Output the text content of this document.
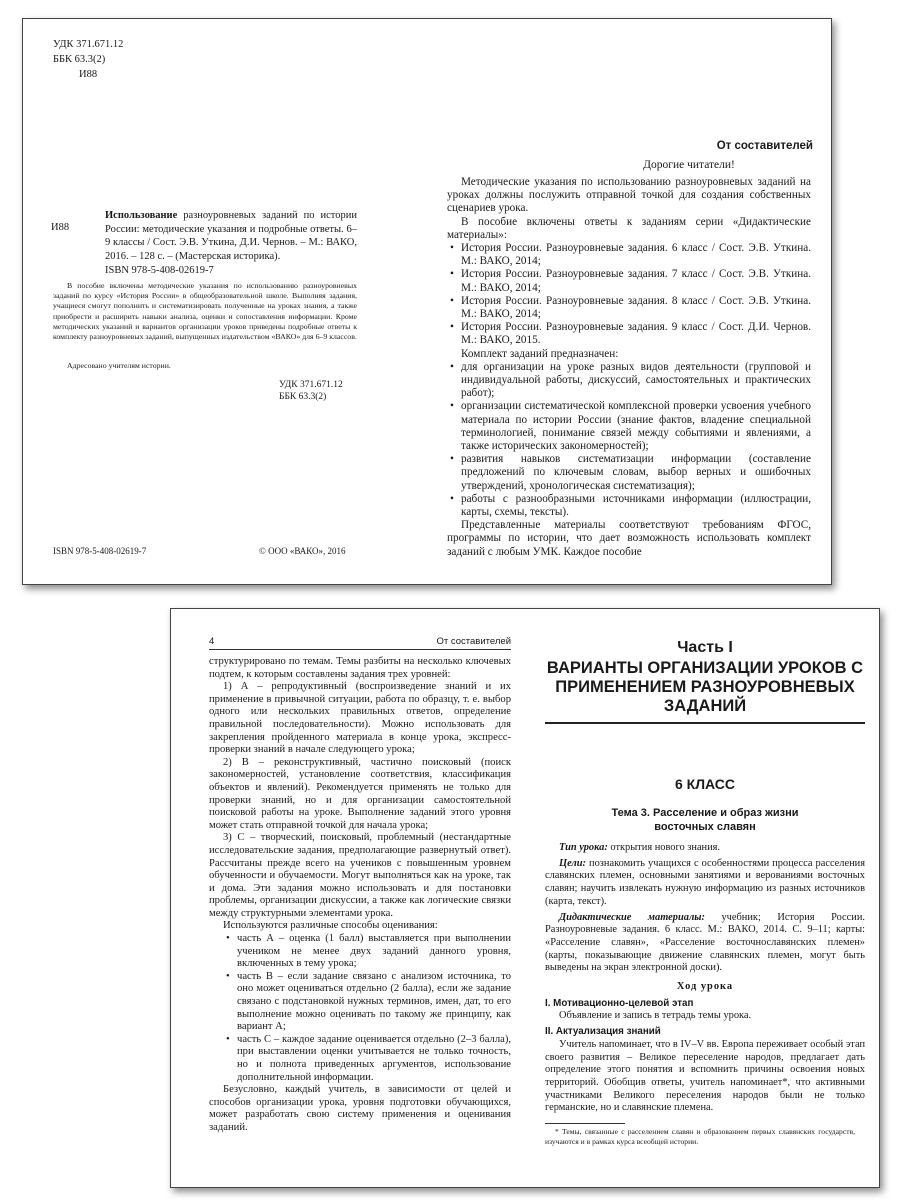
УДК 371.671.12
ББК 63.3(2)
И88
И88

Использование разноуровневых заданий по истории России: методические указания и подробные ответы. 6–9 классы / Сост. Э.В. Уткина, Д.И. Чернов. – М.: ВАКО, 2016. – 128 с. – (Мастерская историка).

ISBN 978-5-408-02619-7

В пособие включены методические указания по использованию разноуровневых заданий по курсу «История России» в общеобразовательной школе. Выполняя задания, учащиеся смогут пополнить и систематизировать полученные на уроках знания, а также приобрести и расширить навыки анализа, оценки и сопоставления информации. Кроме методических указаний и вариантов организации уроков приведены подробные ответы к комплекту разноуровневых заданий, выпущенных издательством «ВАКО» для 6–9 классов.

Адресовано учителям истории.

УДК 371.671.12
ББК 63.3(2)
ISBN 978-5-408-02619-7	© ООО «ВАКО», 2016
От составителей
Дорогие читатели!

Методические указания по использованию разноуровневых заданий на уроках должны послужить отправной точкой для создания собственных сценариев урока.

В пособие включены ответы к заданиям серии «Дидактические материалы»:

• История России. Разноуровневые задания. 6 класс / Сост. Э.В. Уткина. М.: ВАКО, 2014;
• История России. Разноуровневые задания. 7 класс / Сост. Э.В. Уткина. М.: ВАКО, 2014;
• История России. Разноуровневые задания. 8 класс / Сост. Э.В. Уткина. М.: ВАКО, 2014;
• История России. Разноуровневые задания. 9 класс / Сост. Д.И. Чернов. М.: ВАКО, 2015.

Комплект заданий предназначен:

• для организации на уроке разных видов деятельности (групповой и индивидуальной работы, дискуссий, самостоятельных и практических работ);
• организации систематической комплексной проверки усвоения учебного материала по истории России (знание фактов, владение специальной терминологией, понимание связей между событиями и явлениями, а также исторических закономерностей);
• развития навыков систематизации информации (составление предложений по ключевым словам, выбор верных и ошибочных утверждений, хронологическая систематизация);
• работы с разнообразными источниками информации (иллюстрации, карты, схемы, тексты).

Представленные материалы соответствуют требованиям ФГОС, программы по истории, что дает возможность использовать комплект заданий с любым УМК. Каждое пособие

4	От составителей

структурировано по темам. Темы разбиты на несколько ключевых подтем, к которым составлены задания трех уровней:

1) А – репродуктивный (воспроизведение знаний и их применение в привычной ситуации, работа по образцу, т. е. выбор одного или нескольких правильных ответов, определение правильной последовательности). Можно использовать для закрепления пройденного материала в конце урока, экспресс-проверки знаний в начале следующего урока;

2) В – реконструктивный, частично поисковый (поиск закономерностей, установление соответствия, классификация объектов и явлений). Рекомендуется применять не только для проверки знаний, но и для организации самостоятельной поисковой работы на уроке. Выполнение заданий этого уровня может стать отправной точкой для начала урока;

3) С – творческий, поисковый, проблемный (нестандартные исследовательские задания, предполагающие развернутый ответ). Рассчитаны прежде всего на учеников с повышенным уровнем обученности и обучаемости. Могут выполняться как на уроке, так и дома. Эти задания можно использовать и для постановки проблемы, организации дискуссии, а также как логические связки между структурными элементами урока.

Используются различные способы оценивания:

• часть А – оценка (1 балл) выставляется при выполнении учеником не менее двух заданий данного уровня, включенных в тему урока;
• часть В – если задание связано с анализом источника, то оно может оцениваться отдельно (2 балла), если же задание связано с подстановкой нужных терминов, имен, дат, то его выполнение можно оценивать по такому же принципу, как вариант А;
• часть С – каждое задание оценивается отдельно (2–3 балла), при выставлении оценки учитывается не только точность, но и полнота приведенных аргументов, использование дополнительной информации.

Безусловно, каждый учитель, в зависимости от целей и способов организации урока, уровня подготовки обучающихся, может разработать свою систему применения и оценивания заданий.

Часть I
ВАРИАНТЫ ОРГАНИЗАЦИИ УРОКОВ С ПРИМЕНЕНИЕМ РАЗНОУРОВНЕВЫХ ЗАДАНИЙ
6 КЛАСС
Тема 3. Расселение и образ жизни восточных славян

Тип урока: открытия нового знания.

Цели: познакомить учащихся с особенностями процесса расселения славянских племен, основными занятиями и верованиями восточных славян; научить извлекать нужную информацию из разных источников (карта, текст).

Дидактические материалы: учебник; История России. Разноуровневые задания. 6 класс. М.: ВАКО, 2014. С. 9–11; карты: «Расселение славян», «Расселение восточнославянских племен» (карты, показывающие движение славянских племен, могут быть выведены на экран электронной доски).

Ход урока

I. Мотивационно-целевой этап

Объявление и запись в тетрадь темы урока.

II. Актуализация знаний

Учитель напоминает, что в IV–V вв. Европа переживает особый этап своего развития – Великое переселение народов, предлагает дать определение этого понятия и вспомнить причины освоения новых территорий. Обобщив ответы, учитель напоминает*, что активными участниками Великого переселения народов были не только германские, но и славянские племена.

* Темы, связанные с расселением славян и образованием первых славянских государств, изучаются и в рамках курса всеобщей истории.
